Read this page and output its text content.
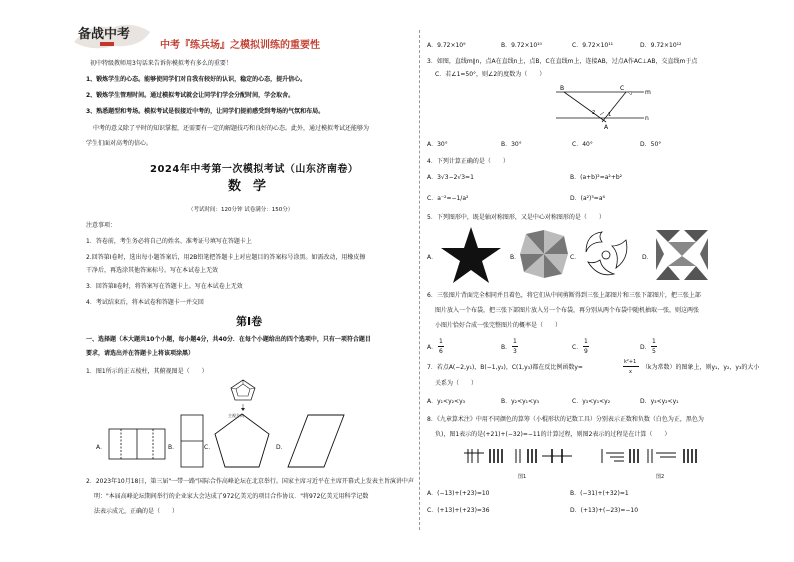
备战中考
中考『练兵场』之模拟训练的重要性
初中特级教师用3句话来告诉你模拟考有多么的重要！
1、锻炼学生的心态。能够使同学们对自我有较好的认识，稳定的心态，提升信心。
2、锻炼学生管理时间。通过模拟考试就会让同学们学会分配时间，学会取舍。
3、熟悉题型和考场。模拟考试是很接近中考的，让同学们提前感受到考场的气氛和布局。
中考的意义除了平时的知识掌握，还需要有一定的解题技巧和良好的心态。此外，通过模拟考试还能够为
学生们面对高考的信心。
2024年中考第一次模拟考试（山东济南卷）
数学
（考试时间：120分钟 试卷满分：150分）
注意事项：
1．答卷前，考生务必将自己的姓名、准考证号填写在答题卡上
2.回答第Ⅰ卷时，选出每小题答案后，用2B铅笔把答题卡上对应题目的答案标号涂黑。如需改动，用橡皮擦
干净后，再选涂其他答案标号。写在本试卷上无效
3．回答第Ⅱ卷时，将答案写在答题卡上。写在本试卷上无效
4．考试结束后，将本试卷和答题卡一并交回
第Ⅰ卷
一、选择题（本大题共10个小题，每小题4分，共40分．在每个小题给出的四个选项中，只有一项符合题目
要求，请选出并在答题卡上将该项涂黑）
1．图1所示的正五棱柱，其俯视图是（　　）
主视方向
A．	B．	C．	D．
2．2023年10月18日，第三届"一带一路"国际合作高峰论坛在北京举行。国家主席习近平在主席开幕式上发表主旨演讲中声
明："本届高峰论坛期间举行的企业家大会达成了972亿美元的项目合作协议．"将972亿美元用科学记数
法表示成元，正确的是（　　）
A．9.72×10⁹	B．9.72×10¹⁰	C．9.72×10¹¹	D．9.72×10¹²
3．如图，直线m∥n，点A在直线n上，点B，C在直线m上，连接AB，过点A作AC⊥AB，交直线m于点
C．若∠1=50°，则∠2的度数为（　　）
B	C
A
m
n
2	1
A．30°	B．30°	C．40°	D．50°
4．下列计算正确的是（　　）
A．3√3−2√3=1	B．(a+b)²=a²+b²
C．a⁻²=−1/a²	D．(a²)³=a⁶
5．下列图形中，既是轴对称图形，又是中心对称图形的是（　　）
A．	B．	C．	D．
6．三张图片背面完全相同并且着色，将它们从中间剪断得到三张上部图片和三张下部图片，把三张上部
图片放入一个布袋，把三张下部图片放入另一个布袋，再分别从两个布袋中随机抽取一张，则这两张
小图片恰好合成一张完整图片的概率是（　　）
A．
1
6
B．
1
3
C．
1
9
D．
1
5
7．若点A(−2,y₁)，B(−1,y₂)，C(1,y₃)都在反比例函数y=
k²+1
x
（k为常数）的图象上，则y₁，y₂，y₃的大小
关系为（　　）
A．y₁<y₂<y₃	B．y₂<y₁<y₃	C．y₃<y₁<y₂	D．y₃<y₂<y₁
8．《九章算术注》中用不同颜色的算筹（小棍形状的记数工具）分别表示正数和负数（白色为正，黑色为
负)，图1表示的是(+21)+(−32)=−11的计算过程，则图2表示的过程是在计算（　　）
图1	图2
A．(−13)+(+23)=10	B．(−31)+(+32)=1
C．(+13)+(+23)=36	D．(+13)+(−23)=−10
